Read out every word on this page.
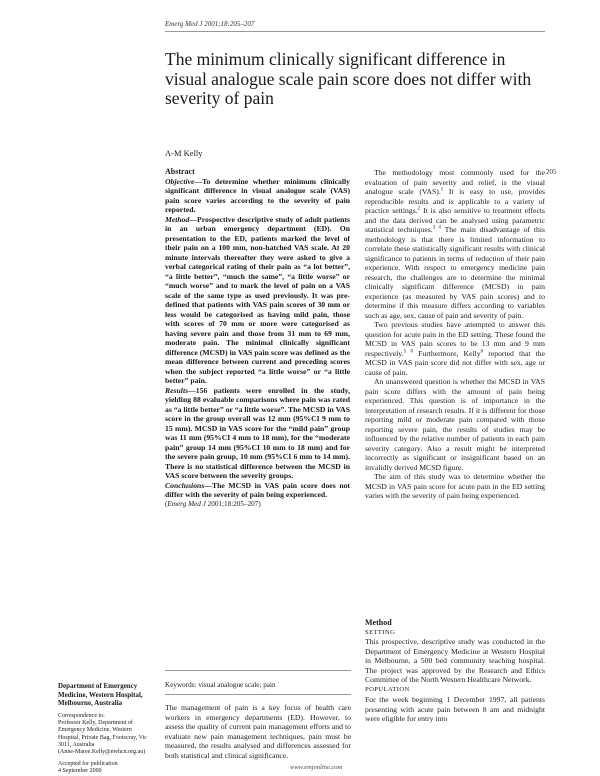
Emerg Med J 2001;18:205–207
205
The minimum clinically significant difference in visual analogue scale pain score does not differ with severity of pain
A-M Kelly

Abstract

Objective—To determine whether minimum clinically significant difference in visual analogue scale (VAS) pain score varies according to the severity of pain reported.

Method—Prospective descriptive study of adult patients in an urban emergency department (ED). On presentation to the ED, patients marked the level of their pain on a 100 mm, non-hatched VAS scale. At 20 minute intervals thereafter they were asked to give a verbal categorical rating of their pain as “a lot better”, “a little better”, “much the same”, “a little worse” or “much worse” and to mark the level of pain on a VAS scale of the same type as used previously. It was pre-defined that patients with VAS pain scores of 30 mm or less would be categorised as having mild pain, those with scores of 70 mm or more were categorised as having severe pain and those from 31 mm to 69 mm, moderate pain. The minimal clinically significant difference (MCSD) in VAS pain score was defined as the mean difference between current and preceding scores when the subject reported “a little worse” or “a little better” pain.

Results—156 patients were enrolled in the study, yielding 88 evaluable comparisons where pain was rated as “a little better” or “a little worse”. The MCSD in VAS score in the group overall was 12 mm (95%CI 9 mm to 15 mm). MCSD in VAS score for the “mild pain” group was 11 mm (95%CI 4 mm to 18 mm), for the “moderate pain” group 14 mm (95%CI 10 mm to 18 mm) and for the severe pain group, 10 mm (95%CI 6 mm to 14 mm). There is no statistical difference between the MCSD in VAS score between the severity groups.

Conclusions—The MCSD in VAS pain score does not differ with the severity of pain being experienced.

(Emerg Med J 2001;18:205–207)

Keywords: visual analogue scale; pain

The management of pain is a key focus of health care workers in emergency departments (ED). However, to assess the quality of current pain management efforts and to evaluate new pain management techniques, pain must be measured, the results analysed and differences assessed for both statistical and clinical significance.

The methodology most commonly used for the evaluation of pain severity and relief, is the visual analogue scale (VAS).$^1$ It is easy to use, provides reproducible results and is applicable to a variety of practice settings.$^2$ It is also sensitive to treatment effects and the data derived can be analysed using parametric statistical techniques.$^{3 4}$ The main disadvantage of this methodology is that there is limited information to correlate these statistically significant results with clinical significance to patients in terms of reduction of their pain experience. With respect to emergency medicine pain research, the challenges are to determine the minimal clinically significant difference (MCSD) in pain experience (as measured by VAS pain scores) and to determine if this measure differs according to variables such as age, sex, cause of pain and severity of pain.

Two previous studies have attempted to answer this question for acute pain in the ED setting. These found the MCSD in VAS pain scores to be 13 mm and 9 mm respectively.$^{5 6}$ Furthermore, Kelly$^6$ reported that the MCSD in VAS pain score did not differ with sex, age or cause of pain.

An unanswered question is whether the MCSD in VAS pain score differs with the amount of pain being experienced. This question is of importance in the interpretation of research results. If it is different for those reporting mild or moderate pain compared with those reporting severe pain, the results of studies may be influenced by the relative number of patients in each pain severity category. Also a result might be interpreted incorrectly as significant or insignificant based on an invalidly derived MCSD figure.

The aim of this study was to determine whether the MCSD in VAS pain score for acute pain in the ED setting varies with the severity of pain being experienced.

Method
SETTING

This prospective, descriptive study was conducted in the Department of Emergency Medicine at Western Hospital in Melbourne, a 500 bed community teaching hospital. The project was approved by the Research and Ethics Committee of the North Western Healthcare Network.

POPULATION

For the week beginning 1 December 1997, all patients presenting with acute pain between 8 am and midnight were eligible for entry into

Department of Emergency Medicine, Western Hospital, Melbourne, Australia
Correspondence to:
Professor Kelly, Department of Emergency Medicine, Western Hospital, Private Bag, Footscray, Vic 3011, Australia
(Anne-Maree.Kelly@nwhcn.org.au)
Accepted for publication
4 September 2000
www.emjonline.com
